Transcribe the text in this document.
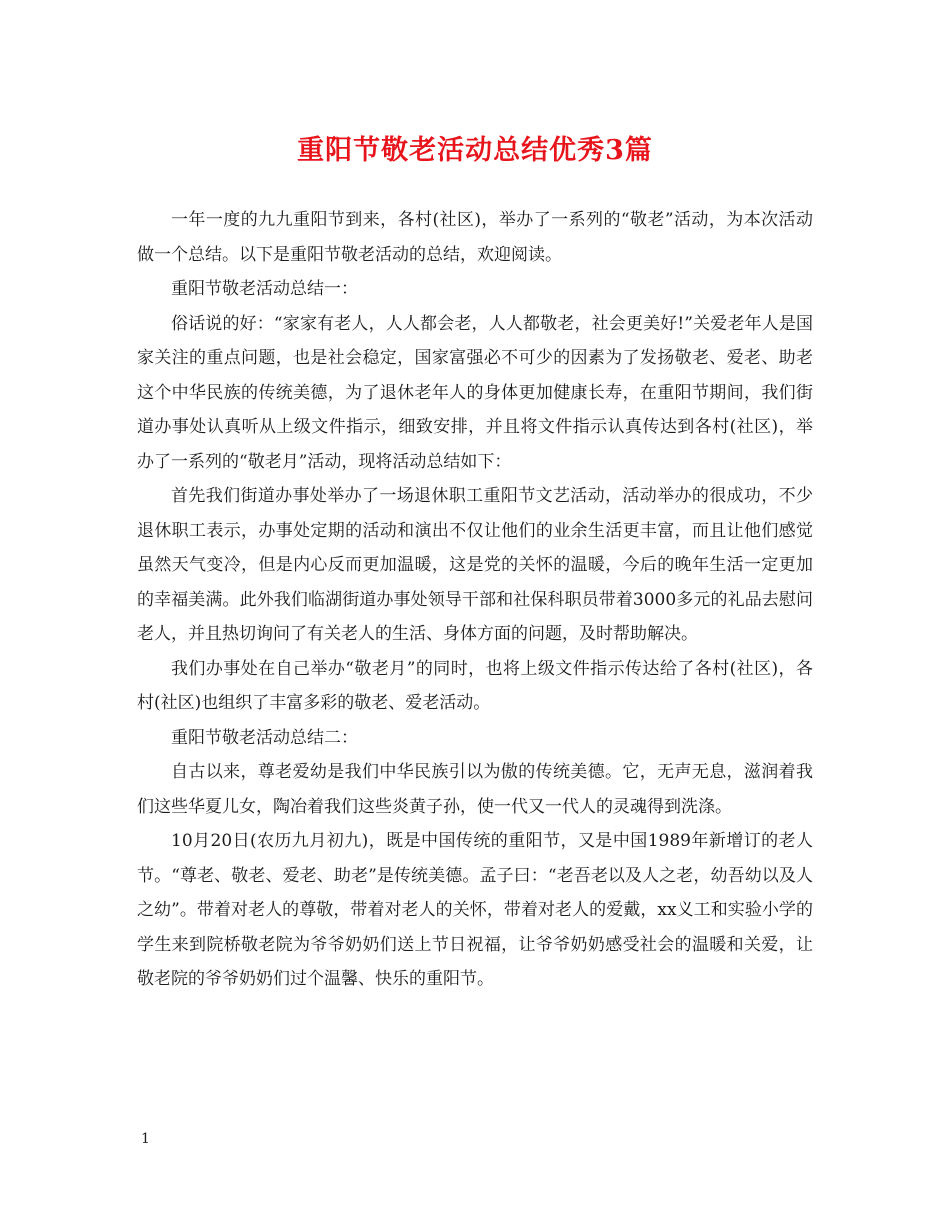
重阳节敬老活动总结优秀3篇

一年一度的九九重阳节到来，各村(社区)，举办了一系列的“敬老”活动，为本次活动做一个总结。以下是重阳节敬老活动的总结，欢迎阅读。

重阳节敬老活动总结一：

俗话说的好：“家家有老人，人人都会老，人人都敬老，社会更美好!”关爱老年人是国家关注的重点问题，也是社会稳定，国家富强必不可少的因素为了发扬敬老、爱老、助老这个中华民族的传统美德，为了退休老年人的身体更加健康长寿，在重阳节期间，我们街道办事处认真听从上级文件指示，细致安排，并且将文件指示认真传达到各村(社区)，举办了一系列的“敬老月”活动，现将活动总结如下：

首先我们街道办事处举办了一场退休职工重阳节文艺活动，活动举办的很成功，不少退休职工表示，办事处定期的活动和演出不仅让他们的业余生活更丰富，而且让他们感觉虽然天气变冷，但是内心反而更加温暖，这是党的关怀的温暖，今后的晚年生活一定更加的幸福美满。此外我们临湖街道办事处领导干部和社保科职员带着3000多元的礼品去慰问老人，并且热切询问了有关老人的生活、身体方面的问题，及时帮助解决。

我们办事处在自己举办“敬老月”的同时，也将上级文件指示传达给了各村(社区)，各村(社区)也组织了丰富多彩的敬老、爱老活动。

重阳节敬老活动总结二：

自古以来，尊老爱幼是我们中华民族引以为傲的传统美德。它，无声无息，滋润着我们这些华夏儿女，陶冶着我们这些炎黄子孙，使一代又一代人的灵魂得到洗涤。

10月20日(农历九月初九)，既是中国传统的重阳节，又是中国1989年新增订的老人节。“尊老、敬老、爱老、助老”是传统美德。孟子曰：“老吾老以及人之老，幼吾幼以及人之幼”。带着对老人的尊敬，带着对老人的关怀，带着对老人的爱戴，xx义工和实验小学的学生来到院桥敬老院为爷爷奶奶们送上节日祝福，让爷爷奶奶感受社会的温暖和关爱，让敬老院的爷爷奶奶们过个温馨、快乐的重阳节。

1
